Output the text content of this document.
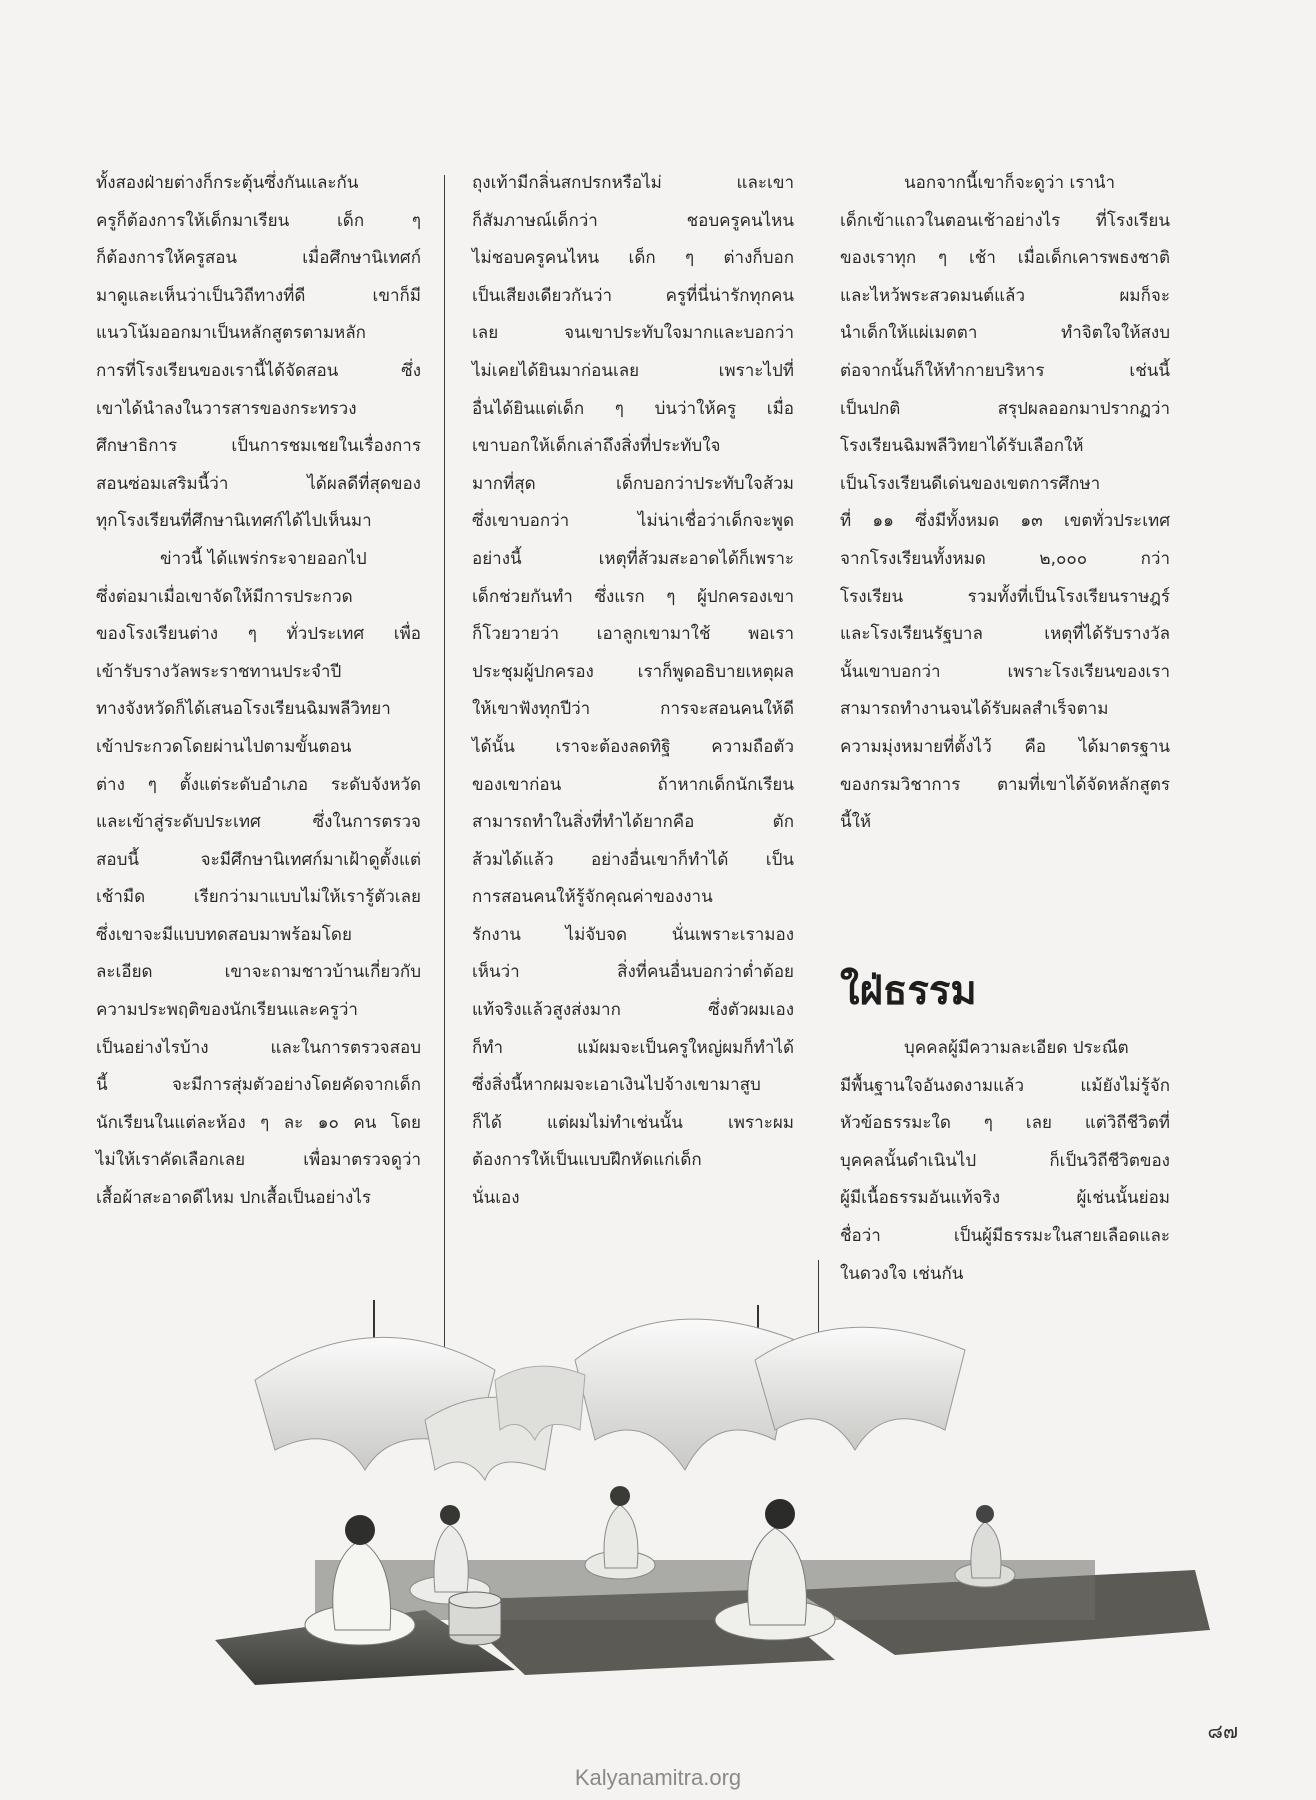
ทั้งสองฝ่ายต่างก็กระตุ้นซึ่งกันและกัน

ครูก็ต้องการให้เด็กมาเรียน เด็ก ๆ

ก็ต้องการให้ครูสอน เมื่อศึกษานิเทศก์

มาดูและเห็นว่าเป็นวิถีทางที่ดี เขาก็มี

แนวโน้มออกมาเป็นหลักสูตรตามหลัก

การที่โรงเรียนของเรานี้ได้จัดสอน ซึ่ง

เขาได้นำลงในวารสารของกระทรวง

ศึกษาธิการ เป็นการชมเชยในเรื่องการ

สอนซ่อมเสริมนี้ว่า ได้ผลดีที่สุดของ

ทุกโรงเรียนที่ศึกษานิเทศก์ได้ไปเห็นมา

ข่าวนี้ ได้แพร่กระจายออกไป

ซึ่งต่อมาเมื่อเขาจัดให้มีการประกวด

ของโรงเรียนต่าง ๆ ทั่วประเทศ เพื่อ

เข้ารับรางวัลพระราชทานประจำปี

ทางจังหวัดก็ได้เสนอโรงเรียนฉิมพลีวิทยา

เข้าประกวดโดยผ่านไปตามขั้นตอน

ต่าง ๆ ตั้งแต่ระดับอำเภอ ระดับจังหวัด

และเข้าสู่ระดับประเทศ ซึ่งในการตรวจ

สอบนี้ จะมีศึกษานิเทศก์มาเฝ้าดูตั้งแต่

เช้ามืด เรียกว่ามาแบบไม่ให้เรารู้ตัวเลย

ซึ่งเขาจะมีแบบทดสอบมาพร้อมโดย

ละเอียด เขาจะถามชาวบ้านเกี่ยวกับ

ความประพฤติของนักเรียนและครูว่า

เป็นอย่างไรบ้าง และในการตรวจสอบ

นี้ จะมีการสุ่มตัวอย่างโดยคัดจากเด็ก

นักเรียนในแต่ละห้อง ๆ ละ ๑๐ คน โดย

ไม่ให้เราคัดเลือกเลย เพื่อมาตรวจดูว่า

เสื้อผ้าสะอาดดีไหม ปกเสื้อเป็นอย่างไร

ถุงเท้ามีกลิ่นสกปรกหรือไม่ และเขา

ก็สัมภาษณ์เด็กว่า ชอบครูคนไหน

ไม่ชอบครูคนไหน เด็ก ๆ ต่างก็บอก

เป็นเสียงเดียวกันว่า ครูที่นี่น่ารักทุกคน

เลย จนเขาประทับใจมากและบอกว่า

ไม่เคยได้ยินมาก่อนเลย เพราะไปที่

อื่นได้ยินแต่เด็ก ๆ บ่นว่าให้ครู เมื่อ

เขาบอกให้เด็กเล่าถึงสิ่งที่ประทับใจ

มากที่สุด เด็กบอกว่าประทับใจส้วม

ซึ่งเขาบอกว่า ไม่น่าเชื่อว่าเด็กจะพูด

อย่างนี้ เหตุที่ส้วมสะอาดได้ก็เพราะ

เด็กช่วยกันทำ ซึ่งแรก ๆ ผู้ปกครองเขา

ก็โวยวายว่า เอาลูกเขามาใช้ พอเรา

ประชุมผู้ปกครอง เราก็พูดอธิบายเหตุผล

ให้เขาฟังทุกปีว่า การจะสอนคนให้ดี

ได้นั้น เราจะต้องลดทิฐิ ความถือตัว

ของเขาก่อน ถ้าหากเด็กนักเรียน

สามารถทำในสิ่งที่ทำได้ยากคือ ตัก

ส้วมได้แล้ว อย่างอื่นเขาก็ทำได้ เป็น

การสอนคนให้รู้จักคุณค่าของงาน

รักงาน ไม่จับจด นั่นเพราะเรามอง

เห็นว่า สิ่งที่คนอื่นบอกว่าต่ำต้อย

แท้จริงแล้วสูงส่งมาก ซึ่งตัวผมเอง

ก็ทำ แม้ผมจะเป็นครูใหญ่ผมก็ทำได้

ซึ่งสิ่งนี้หากผมจะเอาเงินไปจ้างเขามาสูบ

ก็ได้ แต่ผมไม่ทำเช่นนั้น เพราะผม

ต้องการให้เป็นแบบฝึกหัดแก่เด็ก

นั่นเอง

นอกจากนี้เขาก็จะดูว่า เรานำ

เด็กเข้าแถวในตอนเช้าอย่างไร ที่โรงเรียน

ของเราทุก ๆ เช้า เมื่อเด็กเคารพธงชาติ

และไหว้พระสวดมนต์แล้ว ผมก็จะ

นำเด็กให้แผ่เมตตา ทำจิตใจให้สงบ

ต่อจากนั้นก็ให้ทำกายบริหาร เช่นนี้

เป็นปกติ สรุปผลออกมาปรากฏว่า

โรงเรียนฉิมพลีวิทยาได้รับเลือกให้

เป็นโรงเรียนดีเด่นของเขตการศึกษา

ที่ ๑๑ ซึ่งมีทั้งหมด ๑๓ เขตทั่วประเทศ

จากโรงเรียนทั้งหมด ๒,๐๐๐ กว่า

โรงเรียน รวมทั้งที่เป็นโรงเรียนราษฎร์

และโรงเรียนรัฐบาล เหตุที่ได้รับรางวัล

นั้นเขาบอกว่า เพราะโรงเรียนของเรา

สามารถทำงานจนได้รับผลสำเร็จตาม

ความมุ่งหมายที่ตั้งไว้ คือ ได้มาตรฐาน

ของกรมวิชาการ ตามที่เขาได้จัดหลักสูตร

นี้ให้

ใฝ่ธรรม

บุคคลผู้มีความละเอียด ประณีต

มีพื้นฐานใจอันงดงามแล้ว แม้ยังไม่รู้จัก

หัวข้อธรรมะใด ๆ เลย แต่วิถีชีวิตที่

บุคคลนั้นดำเนินไป ก็เป็นวิถีชีวิตของ

ผู้มีเนื้อธรรมอันแท้จริง ผู้เช่นนั้นย่อม

ชื่อว่า เป็นผู้มีธรรมะในสายเลือดและ

ในดวงใจ เช่นกัน

๘๗
Kalyanamitra.org
